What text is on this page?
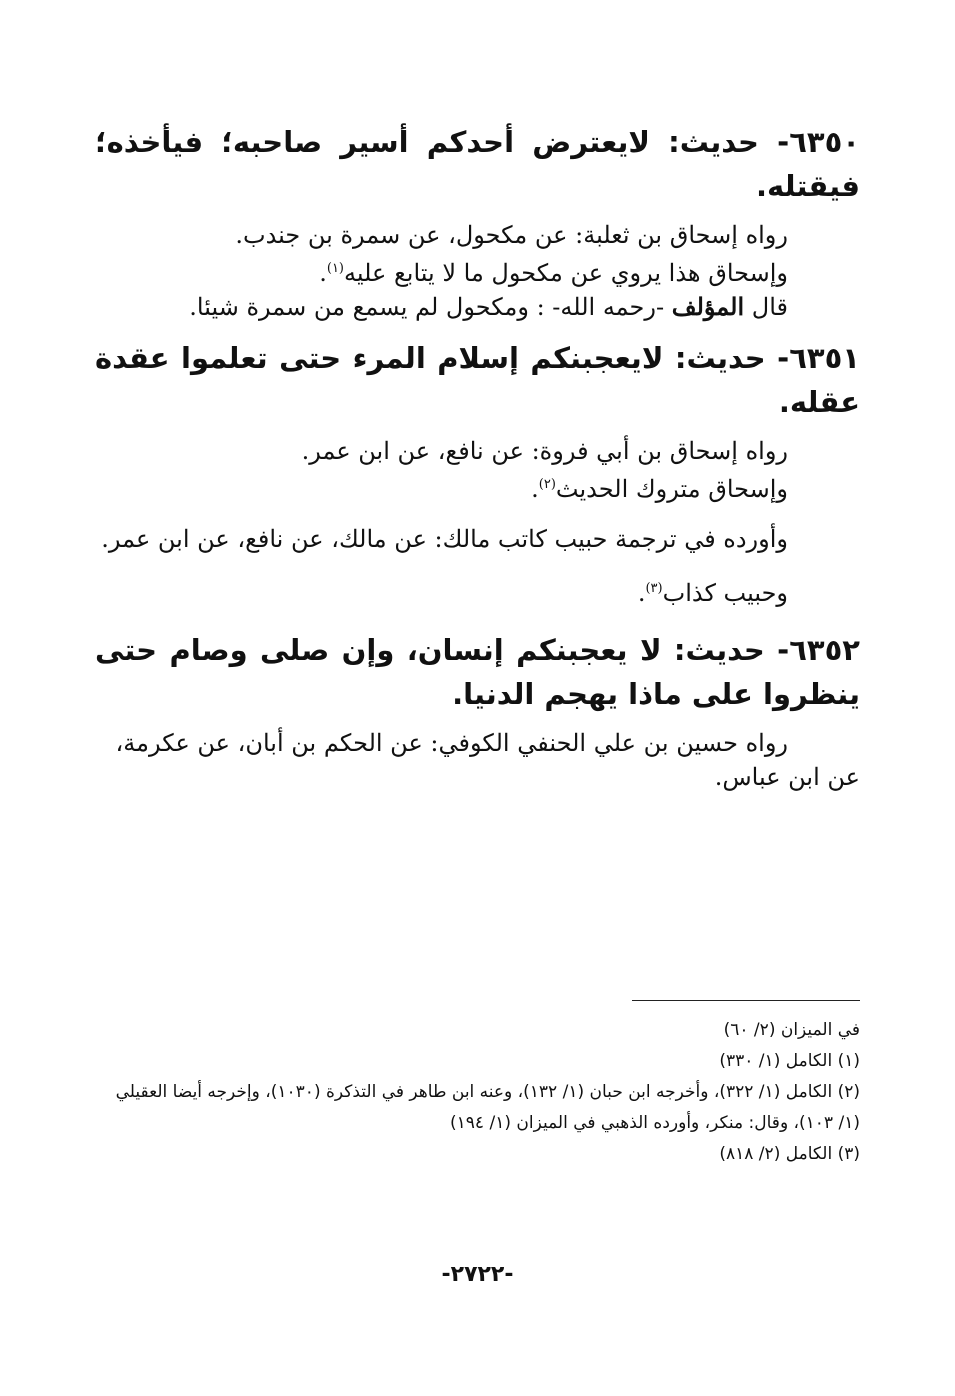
٦٣٥٠- حديث: لايعترض أحدكم أسير صاحبه؛ فيأخذه؛ فيقتله.

رواه إسحاق بن ثعلبة: عن مكحول، عن سمرة بن جندب.

وإسحاق هذا يروي عن مكحول ما لا يتابع عليه$^{(١)}$.

قال المؤلف -رحمه الله- : ومكحول لم يسمع من سمرة شيئا.

٦٣٥١- حديث: لايعجبنكم إسلام المرء حتى تعلموا عقدة عقله.

رواه إسحاق بن أبي فروة: عن نافع، عن ابن عمر.

وإسحاق متروك الحديث$^{(٢)}$.

وأورده في ترجمة حبيب كاتب مالك: عن مالك، عن نافع، عن ابن عمر.

وحبيب كذاب$^{(٣)}$.

٦٣٥٢- حديث: لا يعجبنكم إنسان، وإن صلى وصام حتى ينظروا على ماذا يهجم الدنيا.

رواه حسين بن علي الحنفي الكوفي: عن الحكم بن أبان، عن عكرمة، عن ابن عباس.

في الميزان (٢/ ٦٠)

(١) الكامل (١/ ٣٣٠)

(٢) الكامل (١/ ٣٢٢)، وأخرجه ابن حبان (١/ ١٣٢)، وعنه ابن طاهر في التذكرة (١٠٣٠)، وإخرجه أيضا العقيلي (١/ ١٠٣)، وقال: منكر، وأورده الذهبي في الميزان (١/ ١٩٤)

(٣) الكامل (٢/ ٨١٨)

-٢٧٢٢-
